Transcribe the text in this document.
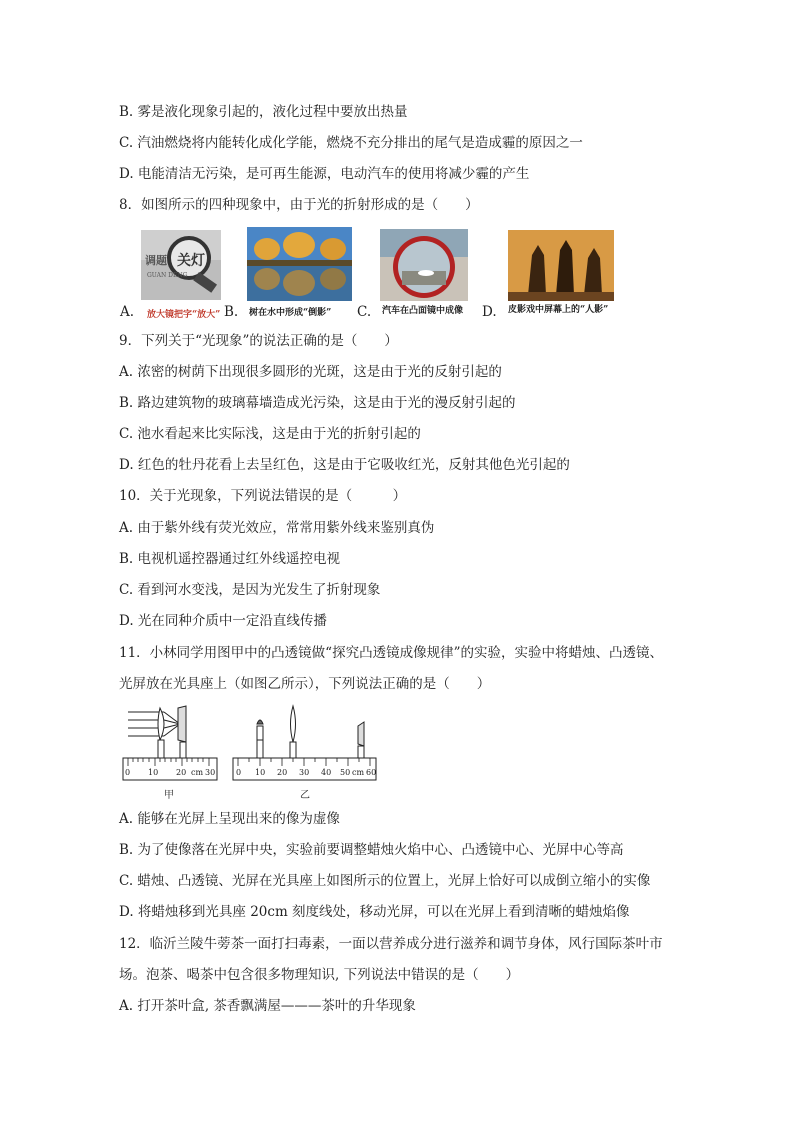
B. 雾是液化现象引起的，液化过程中要放出热量
C. 汽油燃烧将内能转化成化学能，燃烧不充分排出的尾气是造成霾的原因之一
D. 电能清洁无污染，是可再生能源，电动汽车的使用将减少霾的产生
8．如图所示的四种现象中，由于光的折射形成的是（　　）
调题 关灯
GUAN DENG
A. 放大镜把字“放大” B. 树在水中形成“倒影” C. 汽车在凸面镜中成像 D. 皮影戏中屏幕上的“人影”
9．下列关于“光现象”的说法正确的是（　　）
A. 浓密的树荫下出现很多圆形的光斑，这是由于光的反射引起的
B. 路边建筑物的玻璃幕墙造成光污染，这是由于光的漫反射引起的
C. 池水看起来比实际浅，这是由于光的折射引起的
D. 红色的牡丹花看上去呈红色，这是由于它吸收红光，反射其他色光引起的
10．关于光现象，下列说法错误的是（　　　）
A. 由于紫外线有荧光效应，常常用紫外线来鉴别真伪
B. 电视机遥控器通过红外线遥控电视
C. 看到河水变浅，是因为光发生了折射现象
D. 光在同种介质中一定沿直线传播
11．小林同学用图甲中的凸透镜做“探究凸透镜成像规律”的实验，实验中将蜡烛、凸透镜、
光屏放在光具座上（如图乙所示），下列说法正确的是（　　）
0 10 20 cm 30
甲
0 10 20 30 40 50 cm 60
乙
A. 能够在光屏上呈现出来的像为虚像
B. 为了使像落在光屏中央，实验前要调整蜡烛火焰中心、凸透镜中心、光屏中心等高
C. 蜡烛、凸透镜、光屏在光具座上如图所示的位置上，光屏上恰好可以成倒立缩小的实像
D. 将蜡烛移到光具座 20cm 刻度线处，移动光屏，可以在光屏上看到清晰的蜡烛焰像
12．临沂兰陵牛蒡茶一面打扫毒素，一面以营养成分进行滋养和调节身体，风行国际茶叶市
场。泡茶、喝茶中包含很多物理知识, 下列说法中错误的是（　　）
A. 打开茶叶盒, 茶香飘满屋———茶叶的升华现象
